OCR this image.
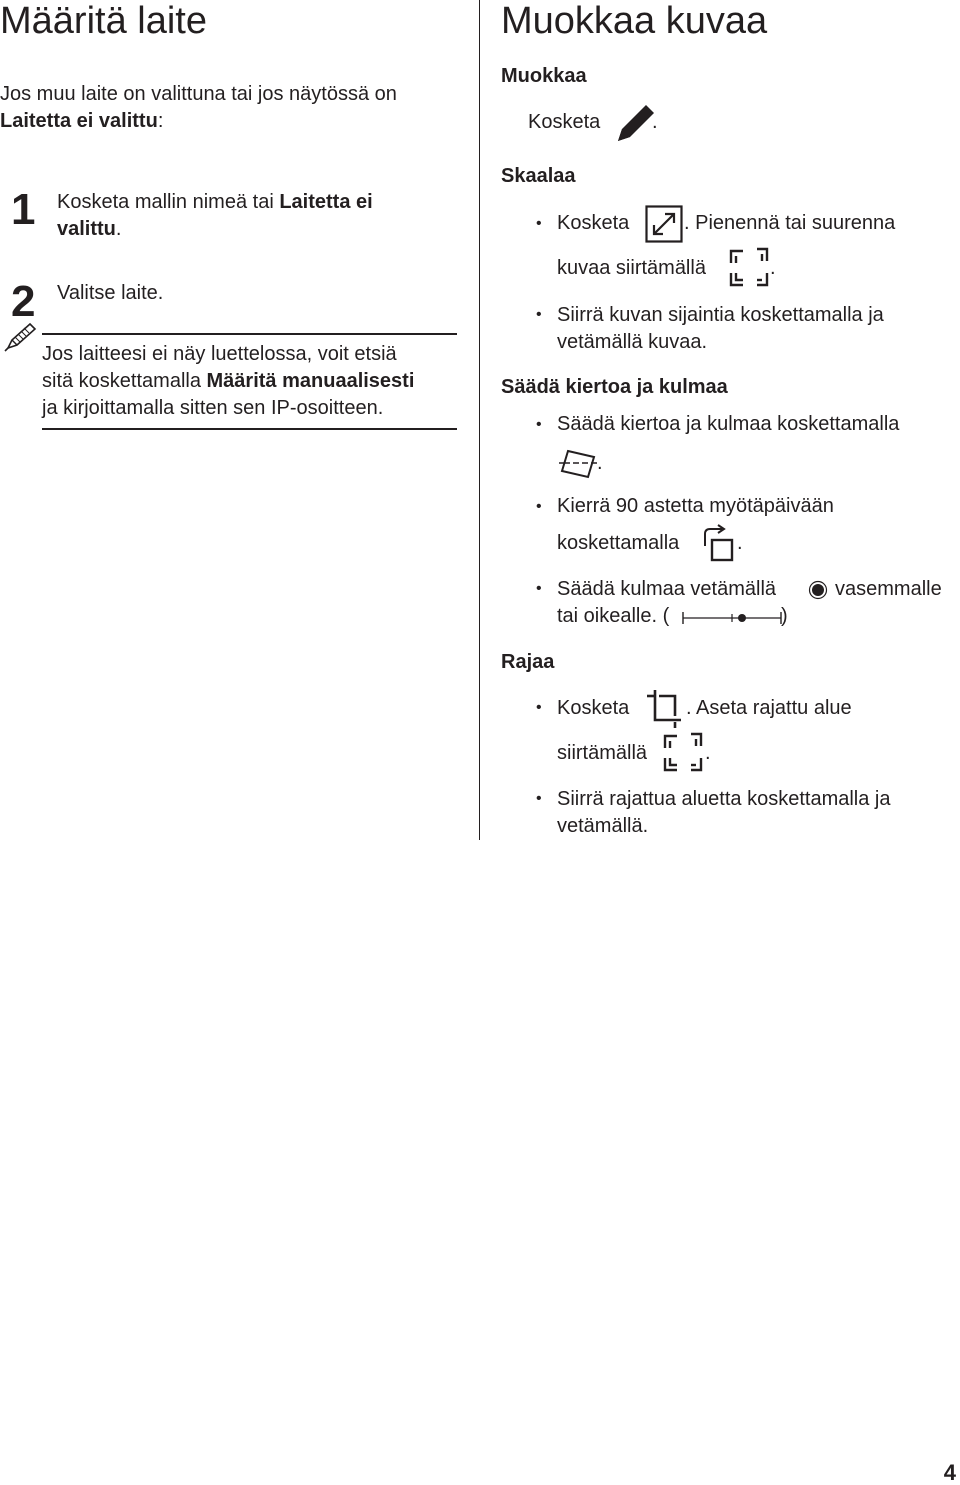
Määritä laite
Jos muu laite on valittuna tai jos näytössä on
Laitetta ei valittu:
1 Kosketa mallin nimeä tai Laitetta ei
valittu.
2 Valitse laite.
Jos laitteesi ei näy luettelossa, voit etsiä
sitä koskettamalla Määritä manuaalisesti
ja kirjoittamalla sitten sen IP-osoitteen.
Muokkaa kuvaa
Muokkaa
Kosketa	.
Skaalaa
• Kosketa	. Pienennä tai suurenna
kuvaa siirtämällä	.
• Siirrä kuvan sijaintia koskettamalla ja
vetämällä kuvaa.
Säädä kiertoa ja kulmaa
• Säädä kiertoa ja kulmaa koskettamalla
.
• Kierrä 90 astetta myötäpäivään
koskettamalla	.
• Säädä kulmaa vetämällä	vasemmalle
tai oikealle. (	)
Rajaa
• Kosketa	. Aseta rajattu alue
siirtämällä	.
• Siirrä rajattua aluetta koskettamalla ja
vetämällä.
4
